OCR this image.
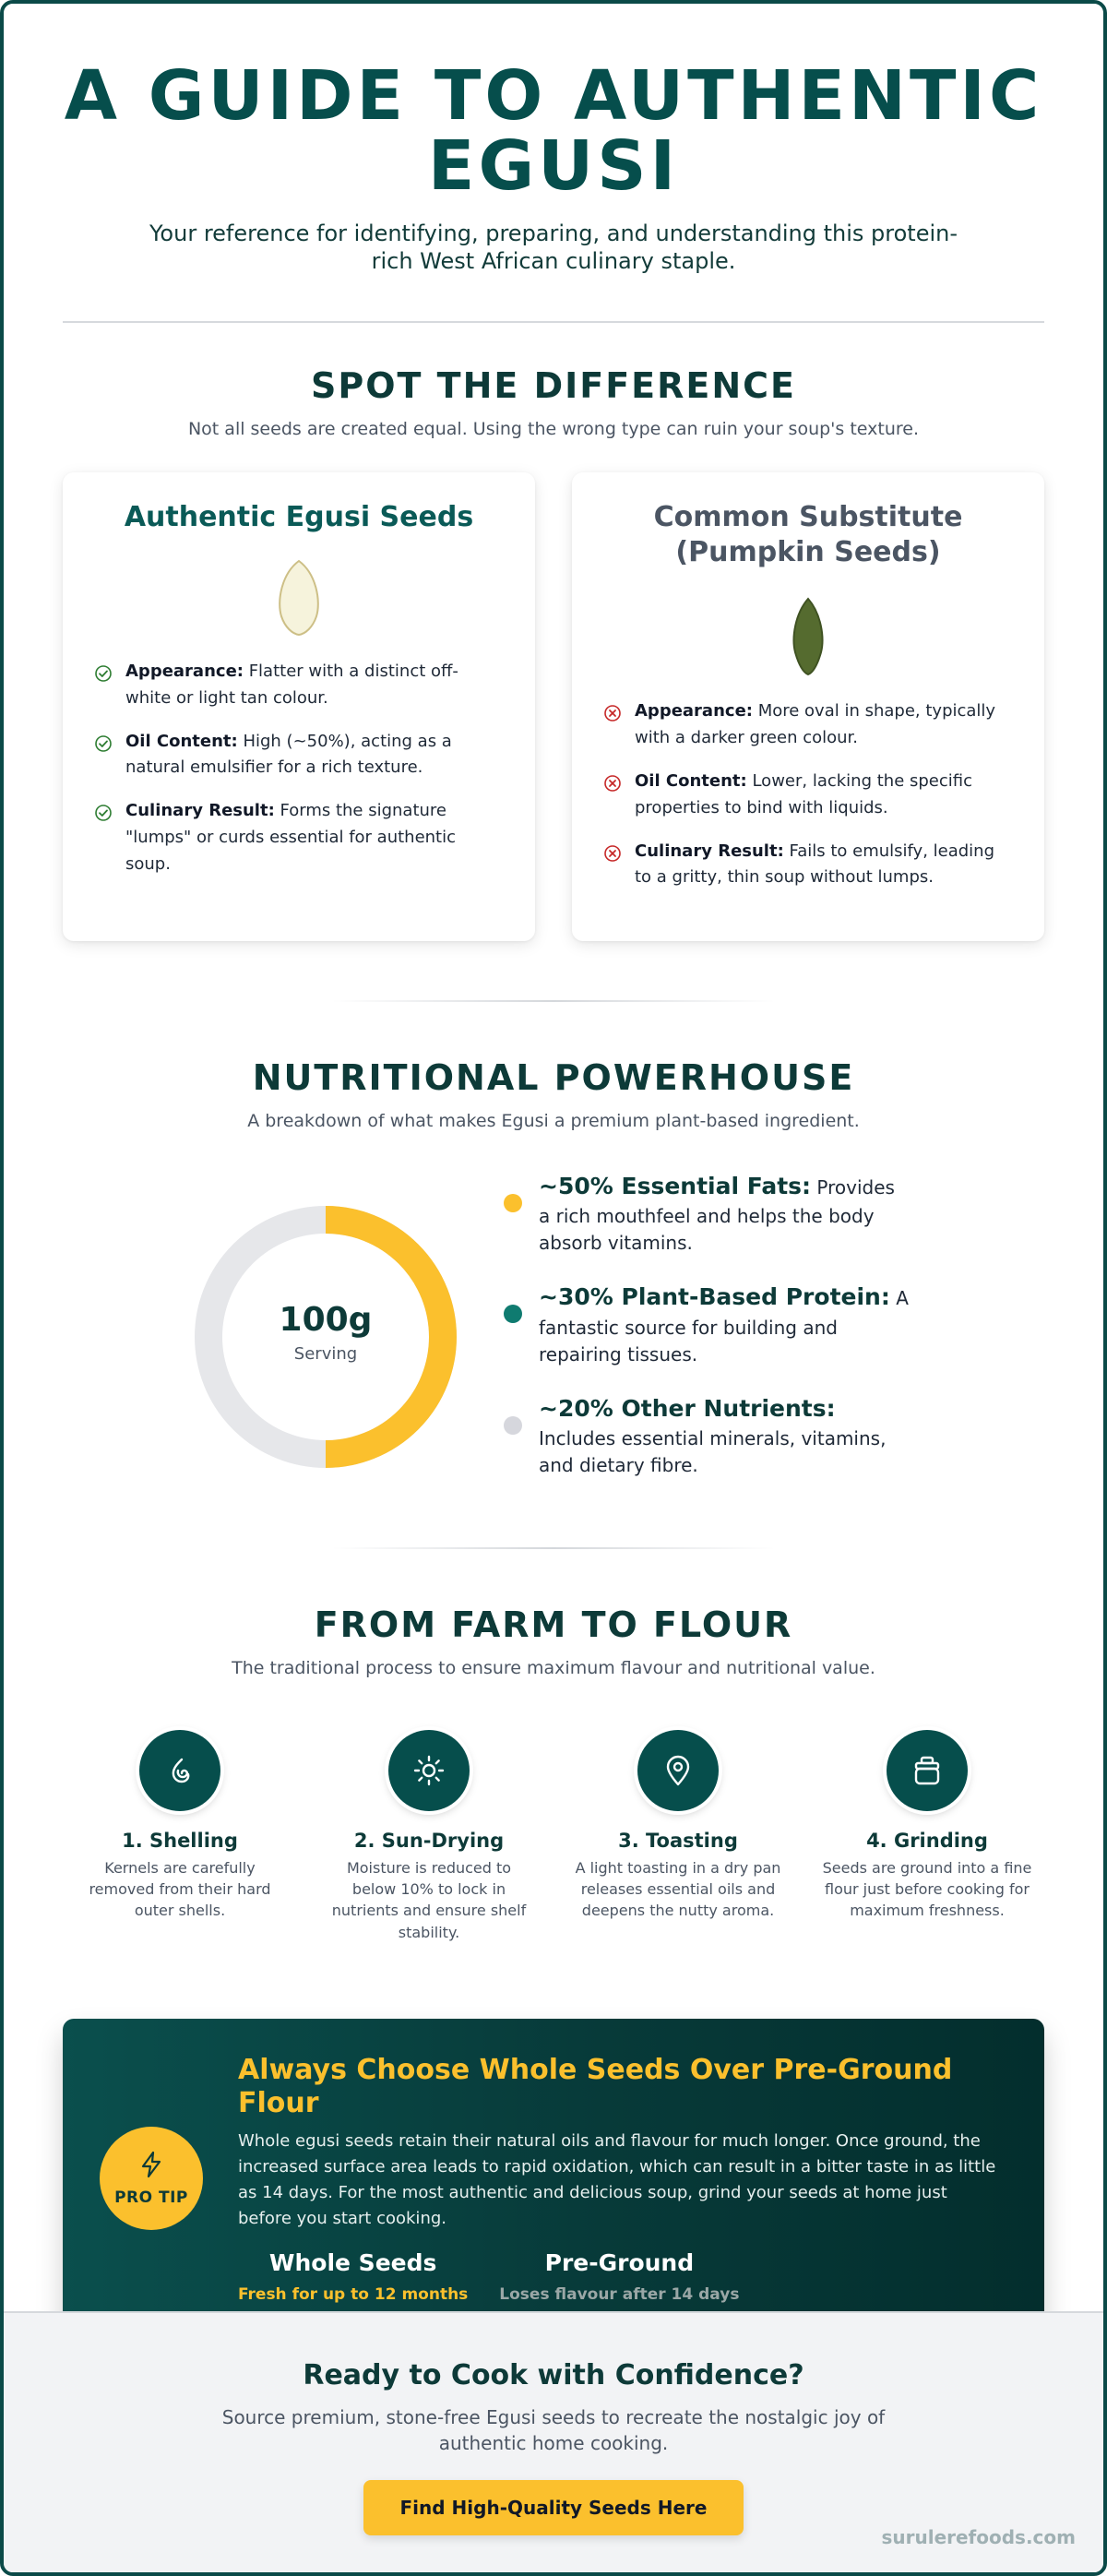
A GUIDE TO AUTHENTIC EGUSI

Your reference for identifying, preparing, and understanding this protein-rich West African culinary staple.

SPOT THE DIFFERENCE

Not all seeds are created equal. Using the wrong type can ruin your soup's texture.

Authentic Egusi Seeds
Appearance: Flatter with a distinct off-white or light tan colour.
Oil Content: High (~50%), acting as a natural emulsifier for a rich texture.
Culinary Result: Forms the signature "lumps" or curds essential for authentic soup.
Common Substitute (Pumpkin Seeds)
Appearance: More oval in shape, typically with a darker green colour.
Oil Content: Lower, lacking the specific properties to bind with liquids.
Culinary Result: Fails to emulsify, leading to a gritty, thin soup without lumps.
NUTRITIONAL POWERHOUSE

A breakdown of what makes Egusi a premium plant-based ingredient.

100g
Serving
~50% Essential Fats: Provides a rich mouthfeel and helps the body absorb vitamins.
~30% Plant-Based Protein: A fantastic source for building and repairing tissues.
~20% Other Nutrients: Includes essential minerals, vitamins, and dietary fibre.
FROM FARM TO FLOUR

The traditional process to ensure maximum flavour and nutritional value.

1. Shelling
Kernels are carefully removed from their hard outer shells.
2. Sun-Drying
Moisture is reduced to below 10% to lock in nutrients and ensure shelf stability.
3. Toasting
A light toasting in a dry pan releases essential oils and deepens the nutty aroma.
4. Grinding
Seeds are ground into a fine flour just before cooking for maximum freshness.
PRO TIP
Always Choose Whole Seeds Over Pre-Ground Flour

Whole egusi seeds retain their natural oils and flavour for much longer. Once ground, the increased surface area leads to rapid oxidation, which can result in a bitter taste in as little as 14 days. For the most authentic and delicious soup, grind your seeds at home just before you start cooking.

Whole Seeds
Fresh for up to 12 months
Pre-Ground
Loses flavour after 14 days
Ready to Cook with Confidence?

Source premium, stone-free Egusi seeds to recreate the nostalgic joy of authentic home cooking.

Find High-Quality Seeds Here
surulerefoods.com
